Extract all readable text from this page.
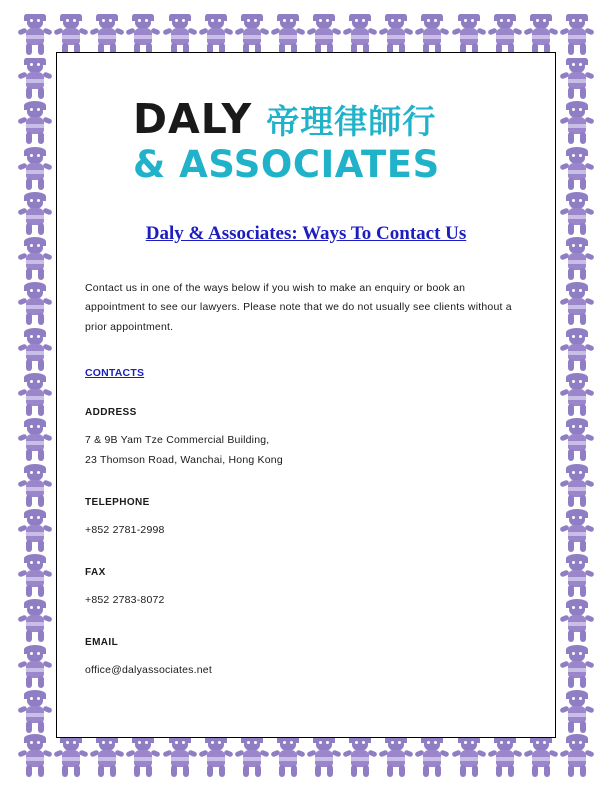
DALY 帝理律師行
& ASSOCIATES
Daly & Associates: Ways To Contact Us
Contact us in one of the ways below if you wish to make an enquiry or book an appointment to see our lawyers. Please note that we do not usually see clients without a prior appointment.
CONTACTS
ADDRESS
7 & 9B Yam Tze Commercial Building,
23 Thomson Road, Wanchai, Hong Kong
TELEPHONE
+852 2781-2998
FAX
+852 2783-8072
EMAIL
office@dalyassociates.net
